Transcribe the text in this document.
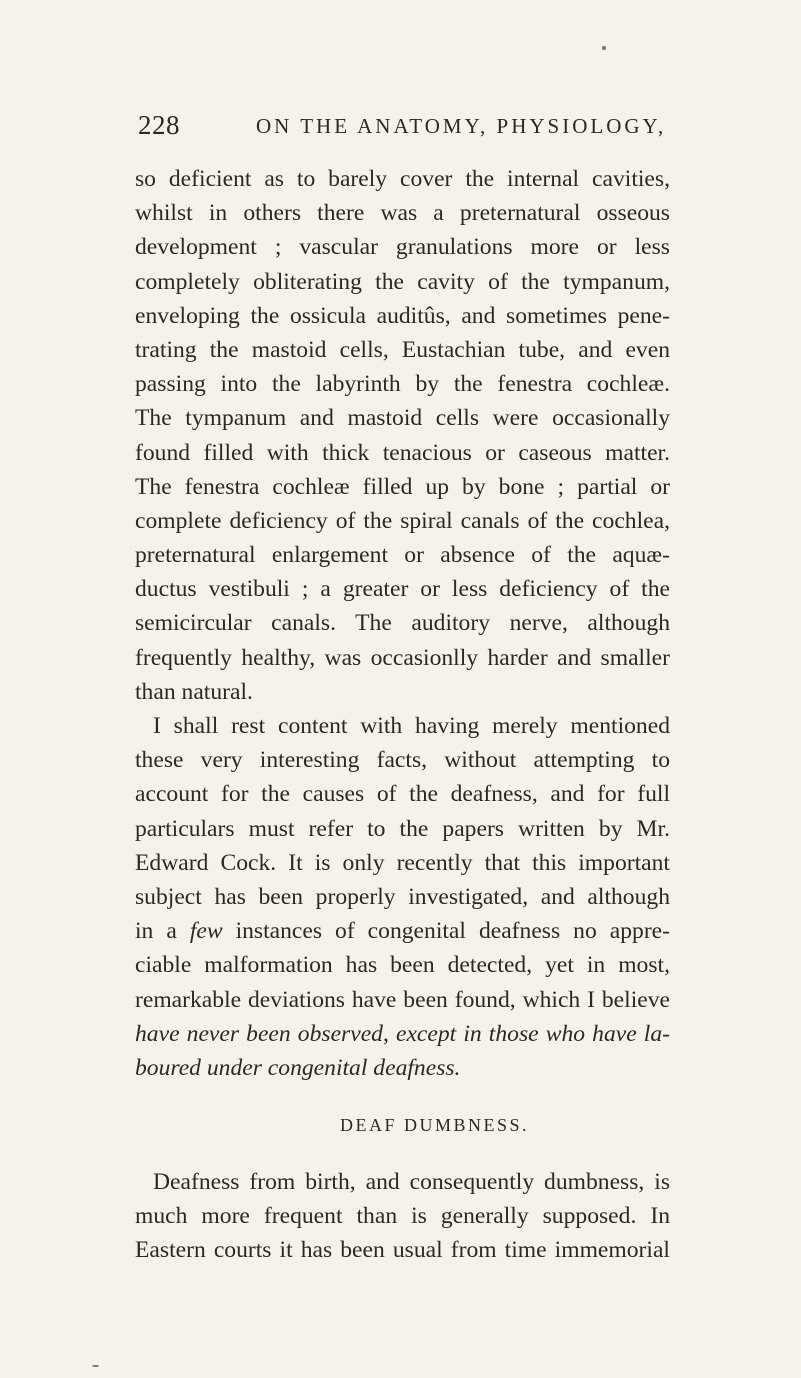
228	ON THE ANATOMY, PHYSIOLOGY,
so deficient as to barely cover the internal cavities,
whilst in others there was a preternatural osseous
development ; vascular granulations more or less
completely obliterating the cavity of the tympanum,
enveloping the ossicula auditûs, and sometimes pene-
trating the mastoid cells, Eustachian tube, and even
passing into the labyrinth by the fenestra cochleæ.
The tympanum and mastoid cells were occasionally
found filled with thick tenacious or caseous matter.
The fenestra cochleæ filled up by bone ; partial or
complete deficiency of the spiral canals of the cochlea,
preternatural enlargement or absence of the aquæ-
ductus vestibuli ; a greater or less deficiency of the
semicircular canals. The auditory nerve, although
frequently healthy, was occasionlly harder and smaller
than natural.
I shall rest content with having merely mentioned
these very interesting facts, without attempting to
account for the causes of the deafness, and for full
particulars must refer to the papers written by Mr.
Edward Cock. It is only recently that this important
subject has been properly investigated, and although
in a few instances of congenital deafness no appre-
ciable malformation has been detected, yet in most,
remarkable deviations have been found, which I believe
have never been observed, except in those who have la-
boured under congenital deafness.
DEAF DUMBNESS.
Deafness from birth, and consequently dumbness, is
much more frequent than is generally supposed. In
Eastern courts it has been usual from time immemorial
